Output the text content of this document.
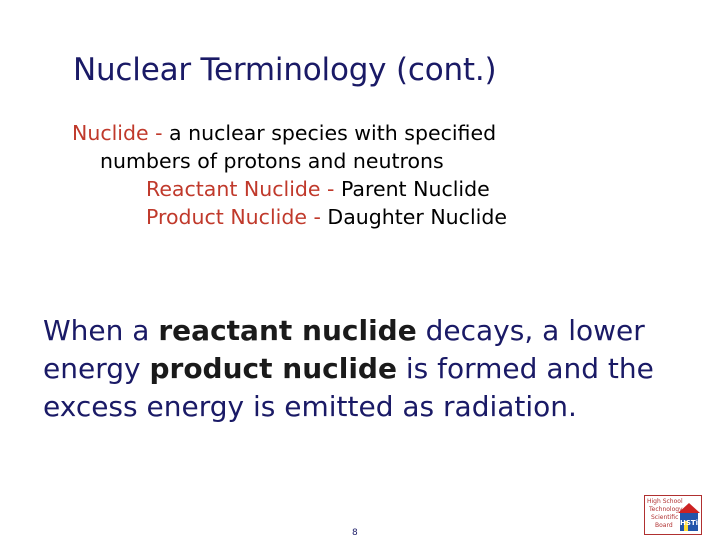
Nuclear Terminology (cont.)
Nuclide - a nuclear species with specified
numbers of protons and neutrons
Reactant Nuclide - Parent Nuclide
Product Nuclide - Daughter Nuclide
When a reactant nuclide decays, a lower energy product nuclide is formed and the excess energy is emitted as radiation.
8
High School
Technology
Scientific
Board HSTi
